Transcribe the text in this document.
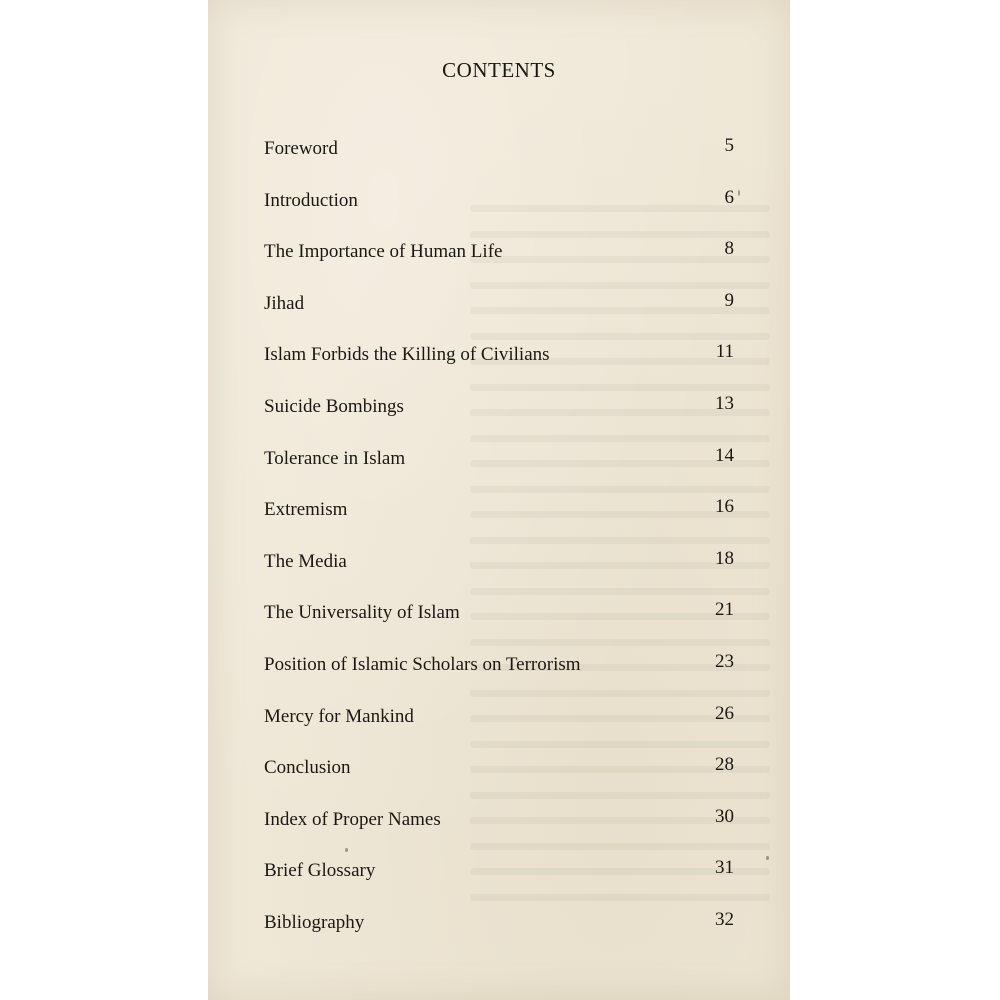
CONTENTS
Foreword	5
Introduction	6
The Importance of Human Life	8
Jihad	9
Islam Forbids the Killing of Civilians	11
Suicide Bombings	13
Tolerance in Islam	14
Extremism	16
The Media	18
The Universality of Islam	21
Position of Islamic Scholars on Terrorism	23
Mercy for Mankind	26
Conclusion	28
Index of Proper Names	30
Brief Glossary	31
Bibliography	32
